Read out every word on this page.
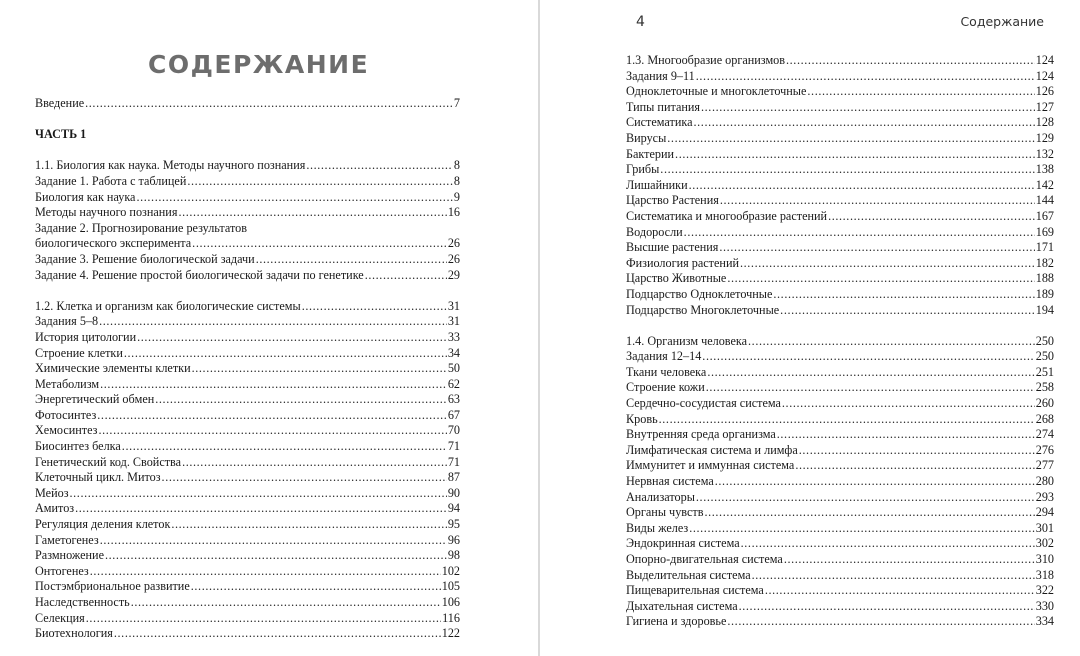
СОДЕРЖАНИЕ
4	Содержание
Введение .....	7
ЧАСТЬ 1
1.1. Биология как наука. Методы научного познания .....	8
Задание 1. Работа с таблицей .....	8
Биология как наука .....	9
Методы научного познания .....	16
Задание 2. Прогнозирование результатов
биологического эксперимента .....	26
Задание 3. Решение биологической задачи .....	26
Задание 4. Решение простой биологической задачи по генетике .....	29
1.2. Клетка и организм как биологические системы .....	31
Задания 5–8 .....	31
История цитологии .....	33
Строение клетки .....	34
Химические элементы клетки .....	50
Метаболизм .....	62
Энергетический обмен .....	63
Фотосинтез .....	67
Хемосинтез .....	70
Биосинтез белка .....	71
Генетический код. Свойства .....	71
Клеточный цикл. Митоз .....	87
Мейоз .....	90
Амитоз .....	94
Регуляция деления клеток .....	95
Гаметогенез .....	96
Размножение .....	98
Онтогенез .....	102
Постэмбриональное развитие .....	105
Наследственность .....	106
Селекция .....	116
Биотехнология .....	122
1.3. Многообразие организмов .....	124
Задания 9–11 .....	124
Одноклеточные и многоклеточные .....	126
Типы питания .....	127
Систематика .....	128
Вирусы .....	129
Бактерии .....	132
Грибы .....	138
Лишайники .....	142
Царство Растения .....	144
Систематика и многообразие растений .....	167
Водоросли .....	169
Высшие растения .....	171
Физиология растений .....	182
Царство Животные .....	188
Подцарство Одноклеточные .....	189
Подцарство Многоклеточные .....	194
1.4. Организм человека .....	250
Задания 12–14 .....	250
Ткани человека .....	251
Строение кожи .....	258
Сердечно-сосудистая система .....	260
Кровь .....	268
Внутренняя среда организма .....	274
Лимфатическая система и лимфа .....	276
Иммунитет и иммунная система .....	277
Нервная система .....	280
Анализаторы .....	293
Органы чувств .....	294
Виды желез .....	301
Эндокринная система .....	302
Опорно-двигательная система .....	310
Выделительная система .....	318
Пищеварительная система .....	322
Дыхательная система .....	330
Гигиена и здоровье .....	334
